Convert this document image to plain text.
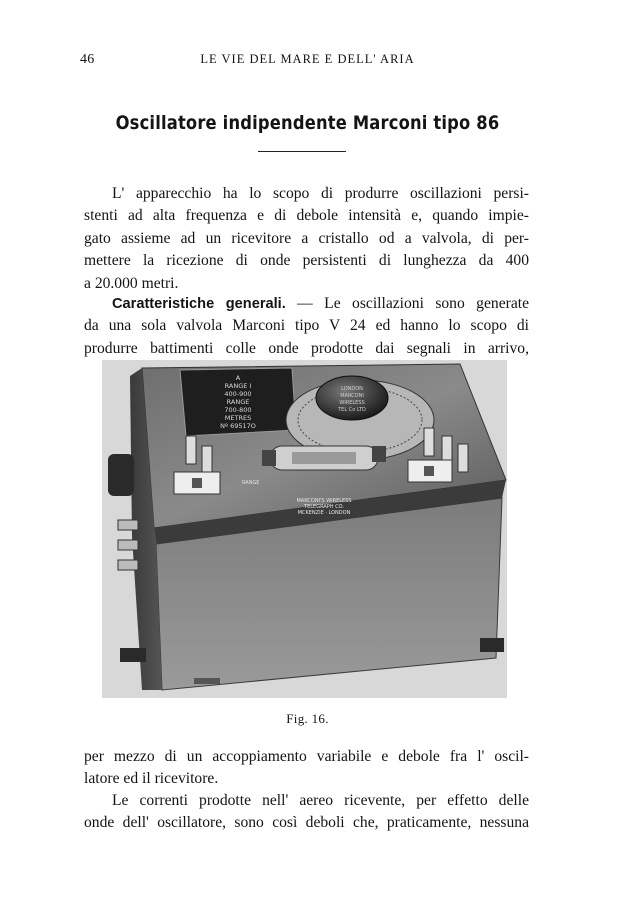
46	LE VIE DEL MARE E DELL' ARIA
Oscillatore indipendente Marconi tipo 86

L' apparecchio ha lo scopo di produrre oscillazioni persi-
stenti ad alta frequenza e di debole intensità e, quando impie-
gato assieme ad un ricevitore a cristallo od a valvola, di per-
mettere la ricezione di onde persistenti di lunghezza da 400
a 20.000 metri.

Caratteristiche generali. — Le oscillazioni sono generate
da una sola valvola Marconi tipo V 24 ed hanno lo scopo di
produrre battimenti colle onde prodotte dai segnali in arrivo,

A
RANGE I
400-900
RANGE
700-800
METRES
Nº 69517O
LONDON
MARCONI
WIRELESS
TEL Co LTD
RANGE
MARCONI'S WIRELESS
TELEGRAPH CO.
MCKENZIE · LONDON
Fig. 16.

per mezzo di un accoppiamento variabile e debole fra l' oscil-
latore ed il ricevitore.

Le correnti prodotte nell' aereo ricevente, per effetto delle
onde dell' oscillatore, sono così deboli che, praticamente, nessuna
